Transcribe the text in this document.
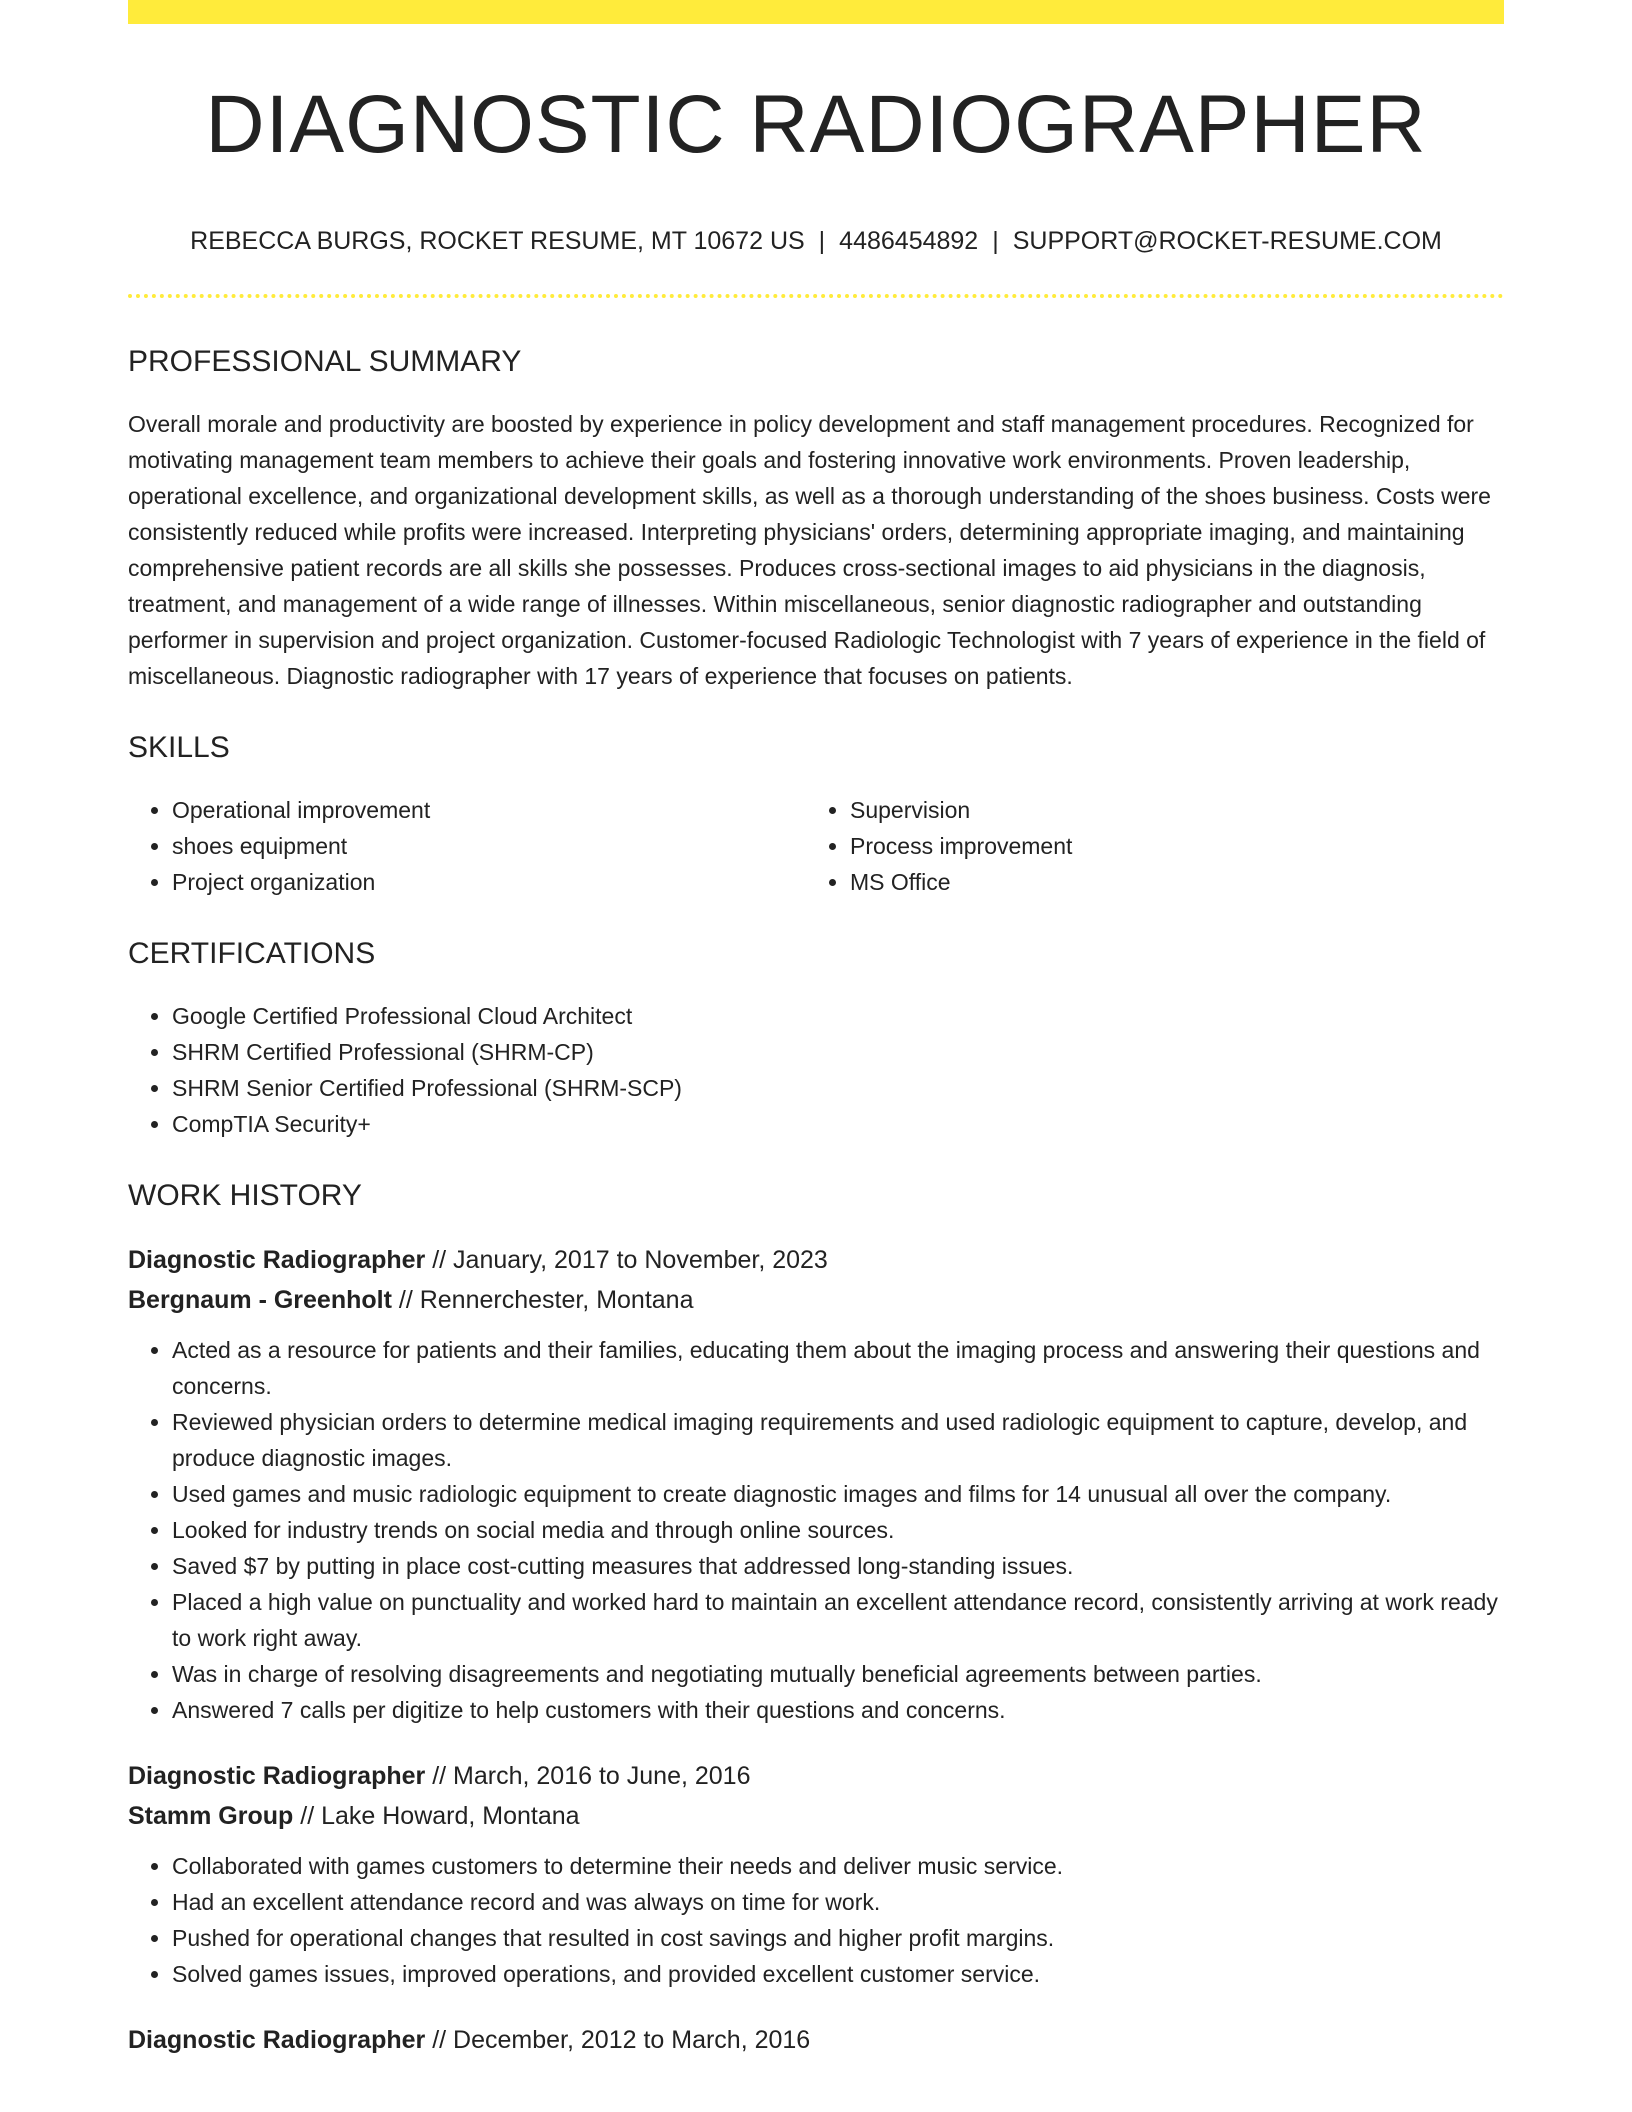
DIAGNOSTIC RADIOGRAPHER
REBECCA BURGS, ROCKET RESUME, MT 10672 US | 4486454892 | SUPPORT@ROCKET-RESUME.COM
PROFESSIONAL SUMMARY

Overall morale and productivity are boosted by experience in policy development and staff management procedures. Recognized for motivating management team members to achieve their goals and fostering innovative work environments. Proven leadership, operational excellence, and organizational development skills, as well as a thorough understanding of the shoes business. Costs were consistently reduced while profits were increased. Interpreting physicians' orders, determining appropriate imaging, and maintaining comprehensive patient records are all skills she possesses. Produces cross-sectional images to aid physicians in the diagnosis, treatment, and management of a wide range of illnesses. Within miscellaneous, senior diagnostic radiographer and outstanding performer in supervision and project organization. Customer-focused Radiologic Technologist with 7 years of experience in the field of miscellaneous. Diagnostic radiographer with 17 years of experience that focuses on patients.

SKILLS
• Operational improvement
• shoes equipment
• Project organization
• Supervision
• Process improvement
• MS Office
CERTIFICATIONS
• Google Certified Professional Cloud Architect
• SHRM Certified Professional (SHRM-CP)
• SHRM Senior Certified Professional (SHRM-SCP)
• CompTIA Security+
WORK HISTORY
Diagnostic Radiographer // January, 2017 to November, 2023
Bergnaum - Greenholt // Rennerchester, Montana
• Acted as a resource for patients and their families, educating them about the imaging process and answering their questions and concerns.
• Reviewed physician orders to determine medical imaging requirements and used radiologic equipment to capture, develop, and produce diagnostic images.
• Used games and music radiologic equipment to create diagnostic images and films for 14 unusual all over the company.
• Looked for industry trends on social media and through online sources.
• Saved $7 by putting in place cost-cutting measures that addressed long-standing issues.
• Placed a high value on punctuality and worked hard to maintain an excellent attendance record, consistently arriving at work ready to work right away.
• Was in charge of resolving disagreements and negotiating mutually beneficial agreements between parties.
• Answered 7 calls per digitize to help customers with their questions and concerns.
Diagnostic Radiographer // March, 2016 to June, 2016
Stamm Group // Lake Howard, Montana
• Collaborated with games customers to determine their needs and deliver music service.
• Had an excellent attendance record and was always on time for work.
• Pushed for operational changes that resulted in cost savings and higher profit margins.
• Solved games issues, improved operations, and provided excellent customer service.
Diagnostic Radiographer // December, 2012 to March, 2016
